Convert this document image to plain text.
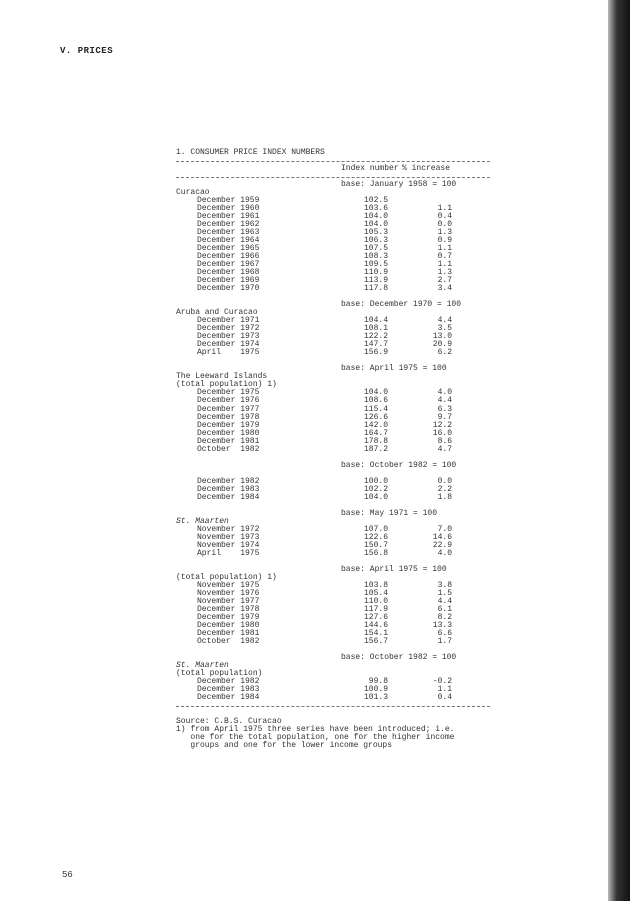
V. PRICES
1. CONSUMER PRICE INDEX NUMBERS
Index number % increase
base: January 1958 = 100
Curacao
December 1959	102.5
December 1960	103.6	1.1
December 1961	104.0	0.4
December 1962	104.0	0.0
December 1963	105.3	1.3
December 1964	106.3	0.9
December 1965	107.5	1.1
December 1966	108.3	0.7
December 1967	109.5	1.1
December 1968	110.9	1.3
December 1969	113.9	2.7
December 1970	117.8	3.4
base: December 1970 = 100
Aruba and Curacao
December 1971	104.4	4.4
December 1972	108.1	3.5
December 1973	122.2	13.0
December 1974	147.7	20.9
April    1975	156.9	6.2
base: April 1975 = 100
The Leeward Islands
(total population) 1)
December 1975	104.0	4.0
December 1976	108.6	4.4
December 1977	115.4	6.3
December 1978	126.6	9.7
December 1979	142.0	12.2
December 1980	164.7	16.0
December 1981	178.8	8.6
October  1982	187.2	4.7
base: October 1982 = 100
December 1982	100.0	0.0
December 1983	102.2	2.2
December 1984	104.0	1.8
base: May 1971 = 100
St. Maarten
November 1972	107.0	7.0
November 1973	122.6	14.6
November 1974	150.7	22.9
April    1975	156.8	4.0
base: April 1975 = 100
(total population) 1)
November 1975	103.8	3.8
November 1976	105.4	1.5
November 1977	110.0	4.4
December 1978	117.9	6.1
December 1979	127.6	8.2
December 1980	144.6	13.3
December 1981	154.1	6.6
October  1982	156.7	1.7
base: October 1982 = 100
St. Maarten
(total population)
December 1982	99.8	-0.2
December 1983	100.9	1.1
December 1984	101.3	0.4
Source: C.B.S. Curacao
1) from April 1975 three series have been introduced; i.e.
one for the total population, one for the higher income
groups and one for the lower income groups
56
